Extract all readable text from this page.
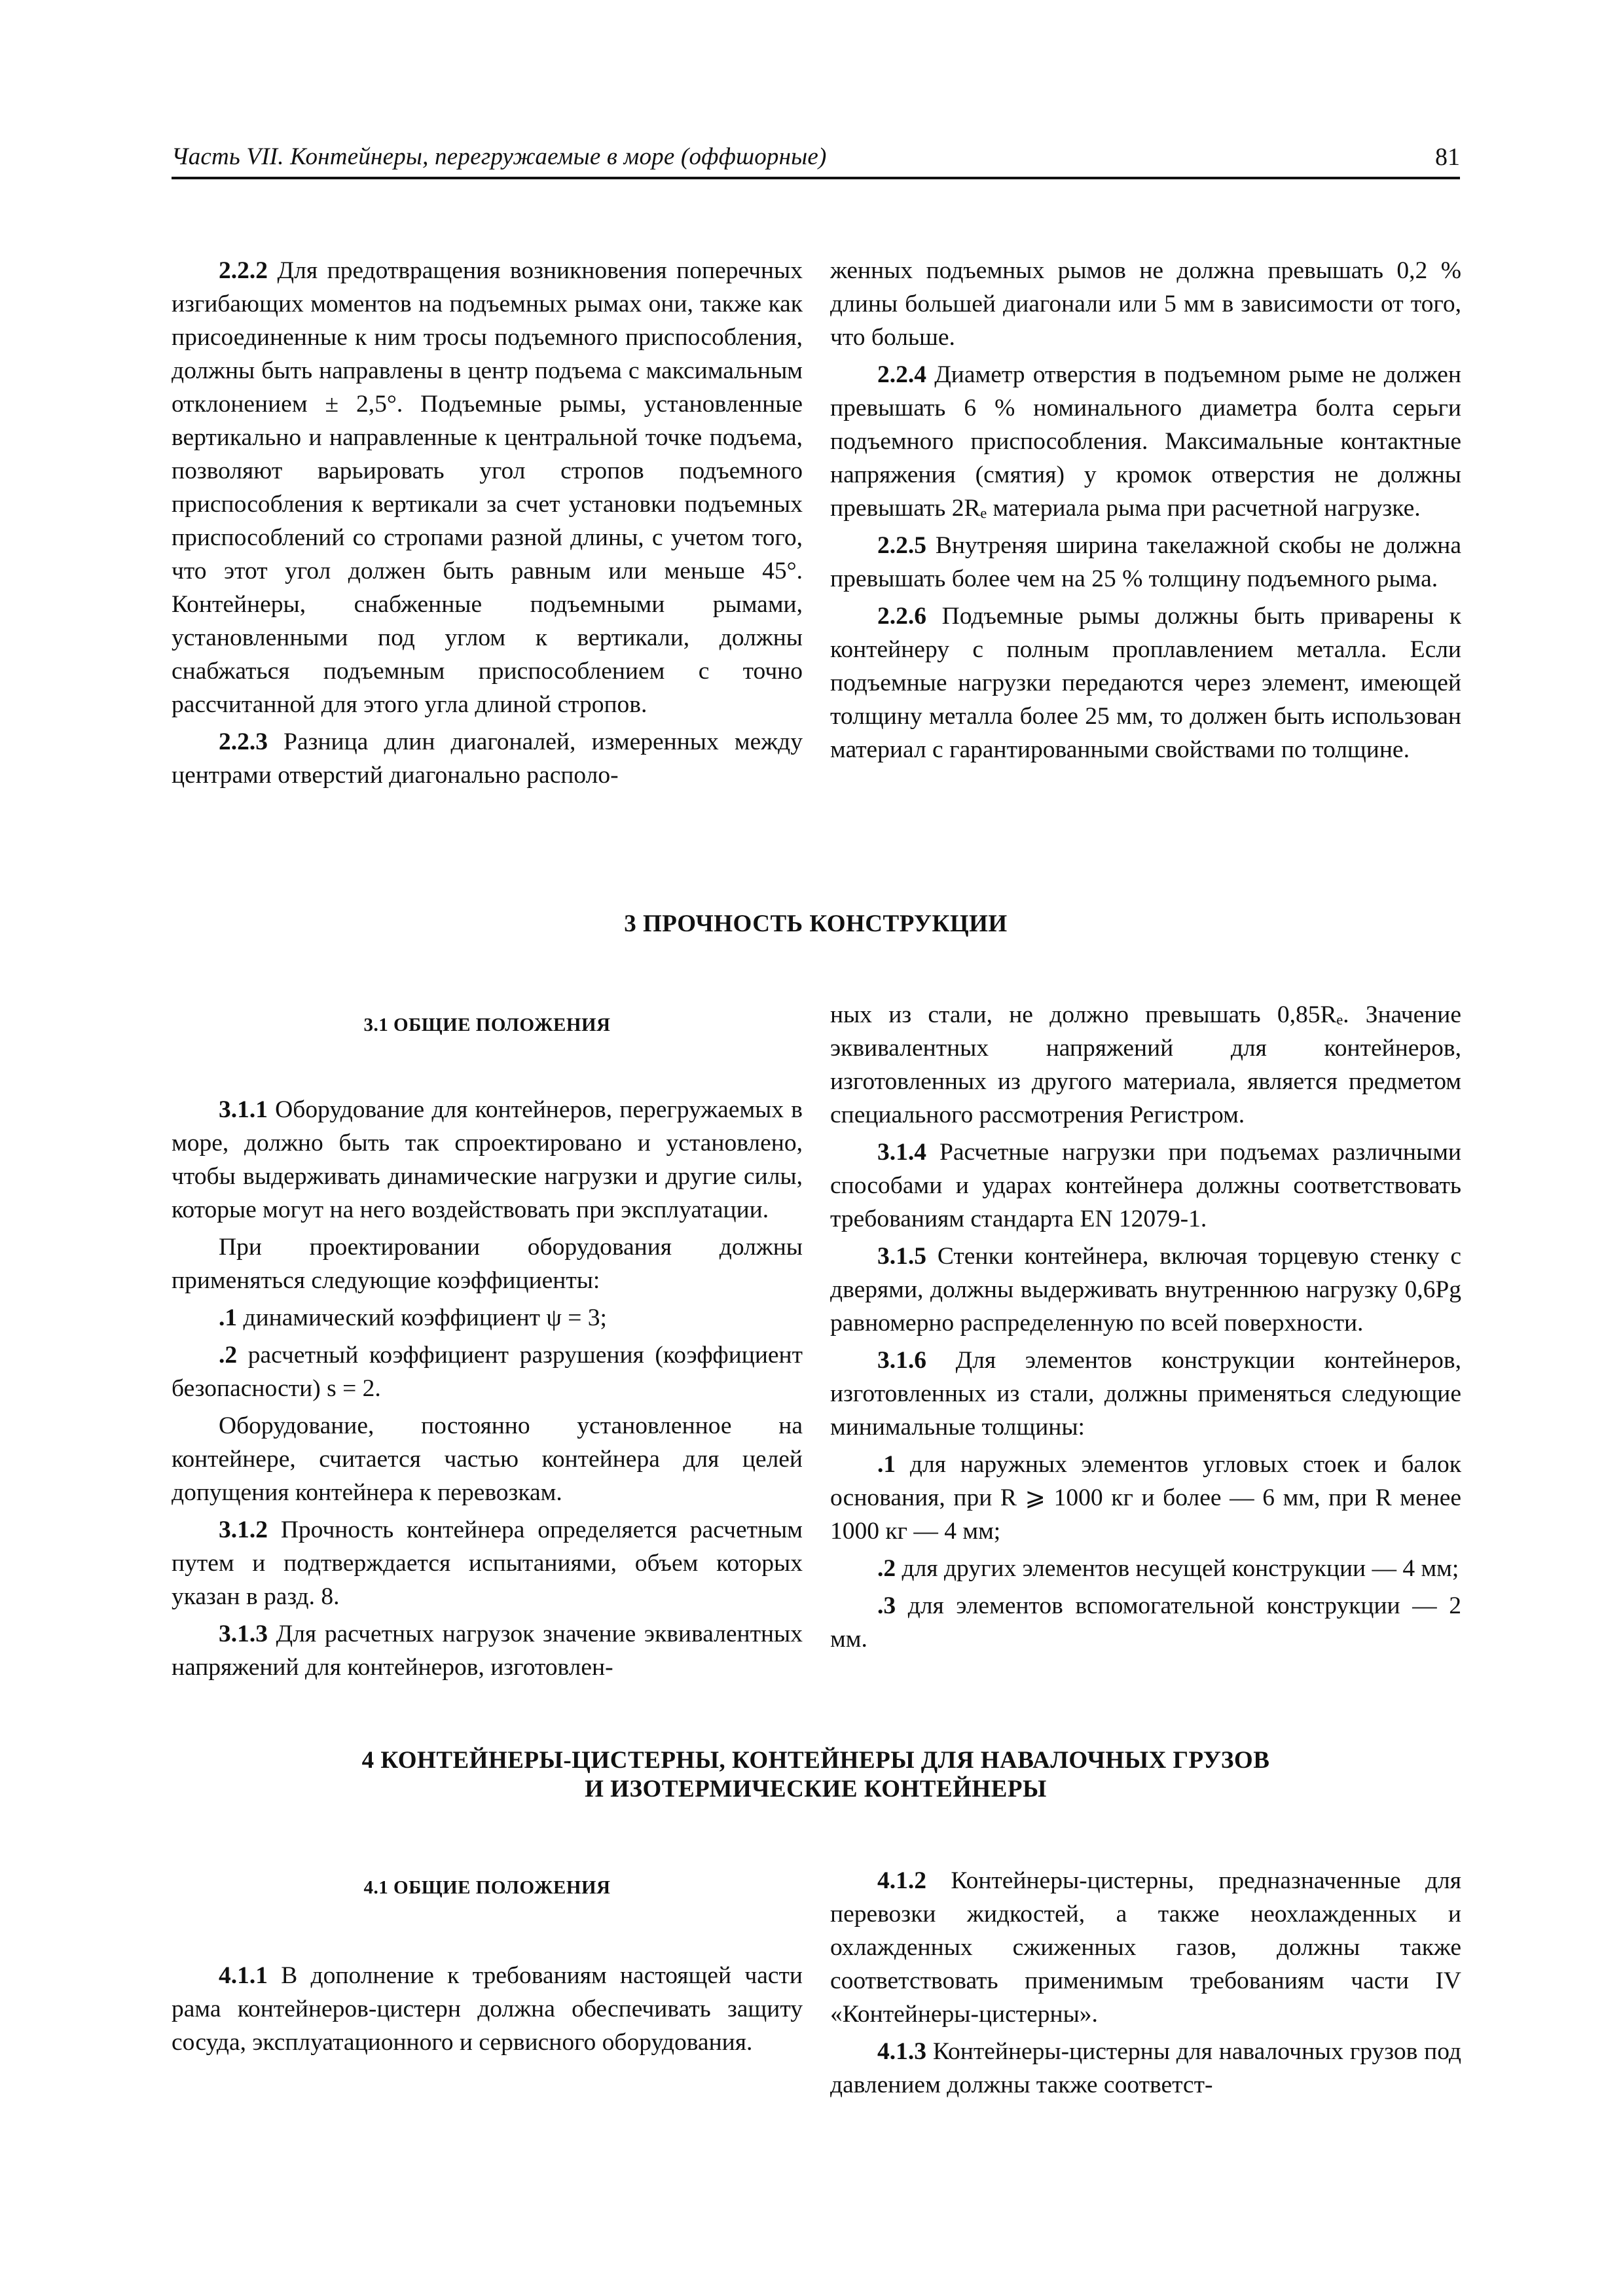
Часть VII. Контейнеры, перегружаемые в море (оффшорные)	81

2.2.2 Для предотвращения возникновения поперечных изгибающих моментов на подъемных рымах они, также как присоединенные к ним тросы подъемного приспособления, должны быть направлены в центр подъема с максимальным отклонением ± 2,5°. Подъемные рымы, установленные вертикально и направленные к центральной точке подъема, позволяют варьировать угол стропов подъемного приспособления к вертикали за счет установки подъемных приспособлений со стропами разной длины, с учетом того, что этот угол должен быть равным или меньше 45°. Контейнеры, снабженные подъемными рымами, установленными под углом к вертикали, должны снабжаться подъемным приспособлением с точно рассчитанной для этого угла длиной стропов.

2.2.3 Разница длин диагоналей, измеренных между центрами отверстий диагонально располо-

женных подъемных рымов не должна превышать 0,2 % длины большей диагонали или 5 мм в зависимости от того, что больше.

2.2.4 Диаметр отверстия в подъемном рыме не должен превышать 6 % номинального диаметра болта серьги подъемного приспособления. Максимальные контактные напряжения (смятия) у кромок отверстия не должны превышать 2Rₑ материала рыма при расчетной нагрузке.

2.2.5 Внутреняя ширина такелажной скобы не должна превышать более чем на 25 % толщину подъемного рыма.

2.2.6 Подъемные рымы должны быть приварены к контейнеру с полным проплавлением металла. Если подъемные нагрузки передаются через элемент, имеющей толщину металла более 25 мм, то должен быть использован материал с гарантированными свойствами по толщине.

3 ПРОЧНОСТЬ КОНСТРУКЦИИ
3.1 ОБЩИЕ ПОЛОЖЕНИЯ

3.1.1 Оборудование для контейнеров, перегружаемых в море, должно быть так спроектировано и установлено, чтобы выдерживать динамические нагрузки и другие силы, которые могут на него воздействовать при эксплуатации.

При проектировании оборудования должны применяться следующие коэффициенты:

.1 динамический коэффициент ψ = 3;

.2 расчетный коэффициент разрушения (коэффициент безопасности) s = 2.

Оборудование, постоянно установленное на контейнере, считается частью контейнера для целей допущения контейнера к перевозкам.

3.1.2 Прочность контейнера определяется расчетным путем и подтверждается испытаниями, объем которых указан в разд. 8.

3.1.3 Для расчетных нагрузок значение эквивалентных напряжений для контейнеров, изготовлен-

ных из стали, не должно превышать 0,85Rₑ. Значение эквивалентных напряжений для контейнеров, изготовленных из другого материала, является предметом специального рассмотрения Регистром.

3.1.4 Расчетные нагрузки при подъемах различными способами и ударах контейнера должны соответствовать требованиям стандарта EN 12079-1.

3.1.5 Стенки контейнера, включая торцевую стенку с дверями, должны выдерживать внутреннюю нагрузку 0,6Pg равномерно распределенную по всей поверхности.

3.1.6 Для элементов конструкции контейнеров, изготовленных из стали, должны применяться следующие минимальные толщины:

.1 для наружных элементов угловых стоек и балок основания, при R ⩾ 1000 кг и более — 6 мм, при R менее 1000 кг — 4 мм;

.2 для других элементов несущей конструкции — 4 мм;

.3 для элементов вспомогательной конструкции — 2 мм.

4 КОНТЕЙНЕРЫ-ЦИСТЕРНЫ, КОНТЕЙНЕРЫ ДЛЯ НАВАЛОЧНЫХ ГРУЗОВ
И ИЗОТЕРМИЧЕСКИЕ КОНТЕЙНЕРЫ
4.1 ОБЩИЕ ПОЛОЖЕНИЯ

4.1.1 В дополнение к требованиям настоящей части рама контейнеров-цистерн должна обеспечивать защиту сосуда, эксплуатационного и сервисного оборудования.

4.1.2 Контейнеры-цистерны, предназначенные для перевозки жидкостей, а также неохлажденных и охлажденных сжиженных газов, должны также соответствовать применимым требованиям части IV «Контейнеры-цистерны».

4.1.3 Контейнеры-цистерны для навалочных грузов под давлением должны также соответст-
